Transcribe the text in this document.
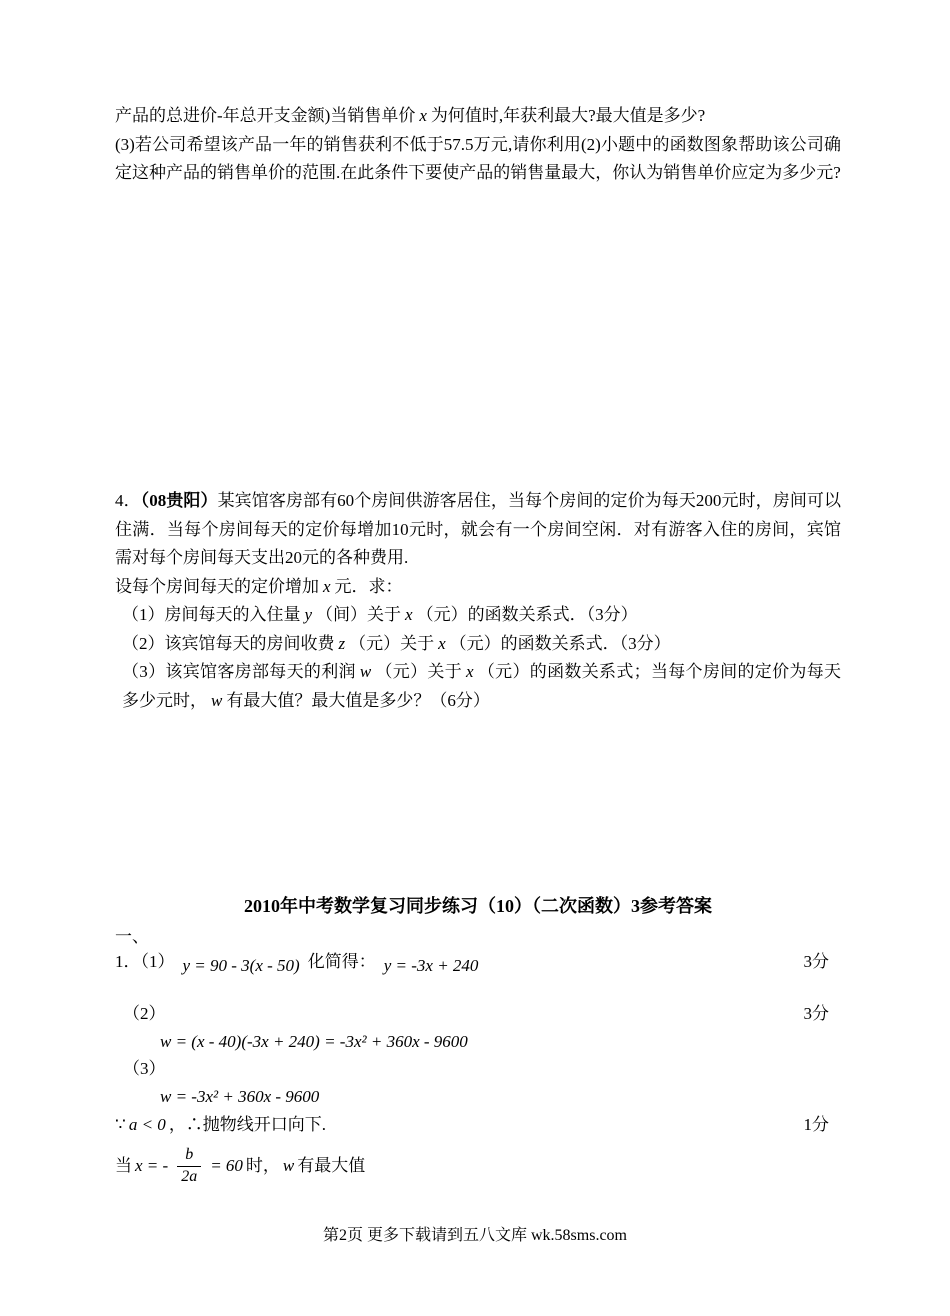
产品的总进价-年总开支金额)当销售单价 x 为何值时,年获利最大?最大值是多少?

(3)若公司希望该产品一年的销售获利不低于57.5万元,请你利用(2)小题中的函数图象帮助该公司确定这种产品的销售单价的范围.在此条件下要使产品的销售量最大，你认为销售单价应定为多少元?

4．（08贵阳）某宾馆客房部有60个房间供游客居住，当每个房间的定价为每天200元时，房间可以住满．当每个房间每天的定价每增加10元时，就会有一个房间空闲．对有游客入住的房间，宾馆需对每个房间每天支出20元的各种费用.

设每个房间每天的定价增加 x 元．求：

（1）房间每天的入住量 y （间）关于 x （元）的函数关系式．（3分）

（2）该宾馆每天的房间收费 z （元）关于 x （元）的函数关系式．（3分）

（3）该宾馆客房部每天的利润 w （元）关于 x （元）的函数关系式；当每个房间的定价为每天多少元时， w 有最大值？最大值是多少？（6分）

2010年中考数学复习同步练习（10）（二次函数）3参考答案
一、
1．（1） y = 90 - 3(x - 50) 化简得： y = -3x + 240	3分
（2）	3分
w = (x - 40)(-3x + 240) = -3x² + 360x - 9600
（3）
w = -3x² + 360x - 9600
∵ a < 0 ，∴抛物线开口向下.	1分
当 x = - $\frac{b}{2a} = 60$ 时， w 有最大值
第2页 更多下载请到五八文库 wk.58sms.com
